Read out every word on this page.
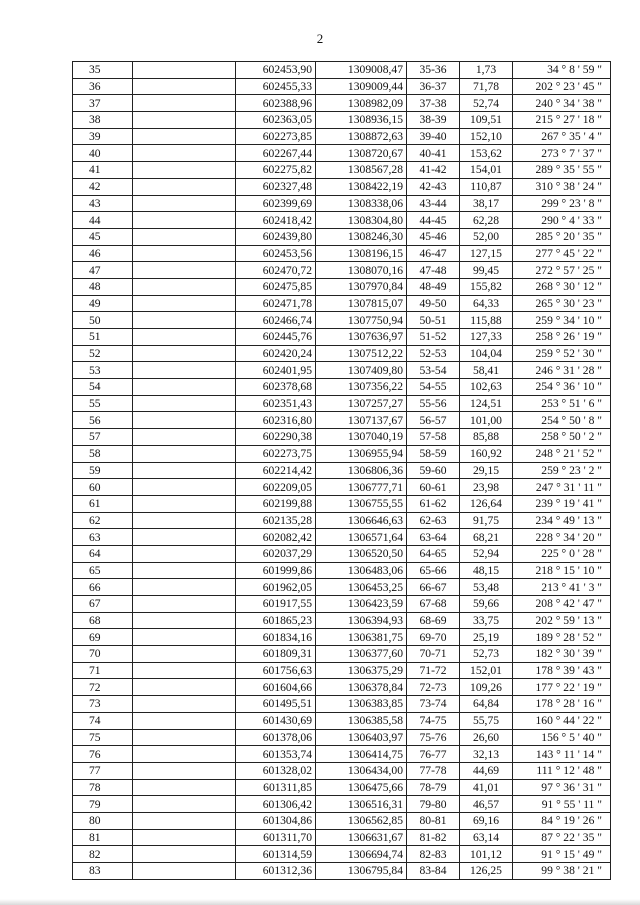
2
35		602453,90	1309008,47	35-36	1,73	34 ° 8 ' 59 "
36		602455,33	1309009,44	36-37	71,78	202 ° 23 ' 45 "
37		602388,96	1308982,09	37-38	52,74	240 ° 34 ' 38 "
38		602363,05	1308936,15	38-39	109,51	215 ° 27 ' 18 "
39		602273,85	1308872,63	39-40	152,10	267 ° 35 ' 4 "
40		602267,44	1308720,67	40-41	153,62	273 ° 7 ' 37 "
41		602275,82	1308567,28	41-42	154,01	289 ° 35 ' 55 "
42		602327,48	1308422,19	42-43	110,87	310 ° 38 ' 24 "
43		602399,69	1308338,06	43-44	38,17	299 ° 23 ' 8 "
44		602418,42	1308304,80	44-45	62,28	290 ° 4 ' 33 "
45		602439,80	1308246,30	45-46	52,00	285 ° 20 ' 35 "
46		602453,56	1308196,15	46-47	127,15	277 ° 45 ' 22 "
47		602470,72	1308070,16	47-48	99,45	272 ° 57 ' 25 "
48		602475,85	1307970,84	48-49	155,82	268 ° 30 ' 12 "
49		602471,78	1307815,07	49-50	64,33	265 ° 30 ' 23 "
50		602466,74	1307750,94	50-51	115,88	259 ° 34 ' 10 "
51		602445,76	1307636,97	51-52	127,33	258 ° 26 ' 19 "
52		602420,24	1307512,22	52-53	104,04	259 ° 52 ' 30 "
53		602401,95	1307409,80	53-54	58,41	246 ° 31 ' 28 "
54		602378,68	1307356,22	54-55	102,63	254 ° 36 ' 10 "
55		602351,43	1307257,27	55-56	124,51	253 ° 51 ' 6 "
56		602316,80	1307137,67	56-57	101,00	254 ° 50 ' 8 "
57		602290,38	1307040,19	57-58	85,88	258 ° 50 ' 2 "
58		602273,75	1306955,94	58-59	160,92	248 ° 21 ' 52 "
59		602214,42	1306806,36	59-60	29,15	259 ° 23 ' 2 "
60		602209,05	1306777,71	60-61	23,98	247 ° 31 ' 11 "
61		602199,88	1306755,55	61-62	126,64	239 ° 19 ' 41 "
62		602135,28	1306646,63	62-63	91,75	234 ° 49 ' 13 "
63		602082,42	1306571,64	63-64	68,21	228 ° 34 ' 20 "
64		602037,29	1306520,50	64-65	52,94	225 ° 0 ' 28 "
65		601999,86	1306483,06	65-66	48,15	218 ° 15 ' 10 "
66		601962,05	1306453,25	66-67	53,48	213 ° 41 ' 3 "
67		601917,55	1306423,59	67-68	59,66	208 ° 42 ' 47 "
68		601865,23	1306394,93	68-69	33,75	202 ° 59 ' 13 "
69		601834,16	1306381,75	69-70	25,19	189 ° 28 ' 52 "
70		601809,31	1306377,60	70-71	52,73	182 ° 30 ' 39 "
71		601756,63	1306375,29	71-72	152,01	178 ° 39 ' 43 "
72		601604,66	1306378,84	72-73	109,26	177 ° 22 ' 19 "
73		601495,51	1306383,85	73-74	64,84	178 ° 28 ' 16 "
74		601430,69	1306385,58	74-75	55,75	160 ° 44 ' 22 "
75		601378,06	1306403,97	75-76	26,60	156 ° 5 ' 40 "
76		601353,74	1306414,75	76-77	32,13	143 ° 11 ' 14 "
77		601328,02	1306434,00	77-78	44,69	111 ° 12 ' 48 "
78		601311,85	1306475,66	78-79	41,01	97 ° 36 ' 31 "
79		601306,42	1306516,31	79-80	46,57	91 ° 55 ' 11 "
80		601304,86	1306562,85	80-81	69,16	84 ° 19 ' 26 "
81		601311,70	1306631,67	81-82	63,14	87 ° 22 ' 35 "
82		601314,59	1306694,74	82-83	101,12	91 ° 15 ' 49 "
83		601312,36	1306795,84	83-84	126,25	99 ° 38 ' 21 "
